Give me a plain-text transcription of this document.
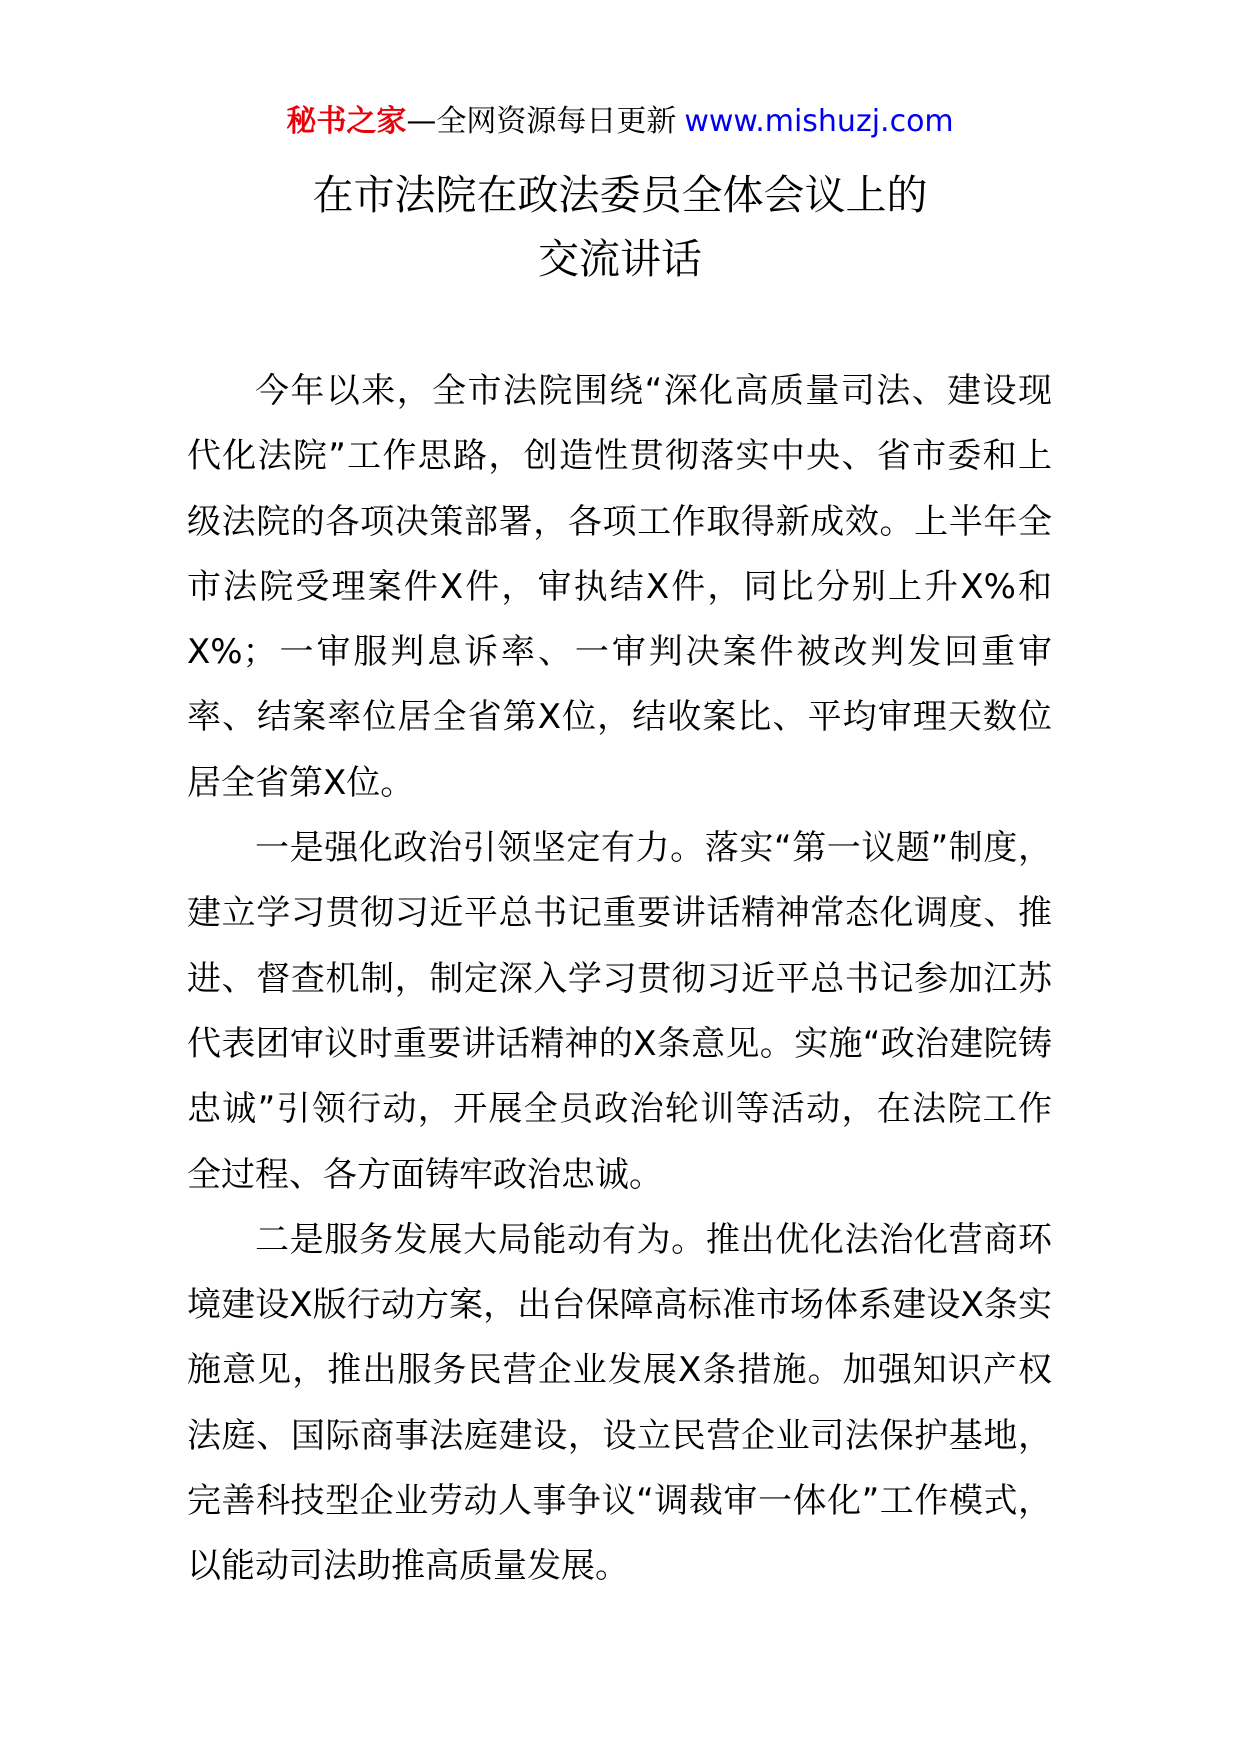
秘书之家—全网资源每日更新 www.mishuzj.com
在市法院在政法委员全体会议上的
交流讲话

今年以来，全市法院围绕“深化高质量司法、建设现代化法院”工作思路，创造性贯彻落实中央、省市委和上级法院的各项决策部署，各项工作取得新成效。上半年全市法院受理案件X件，审执结X件，同比分别上升X%和X%；一审服判息诉率、一审判决案件被改判发回重审率、结案率位居全省第X位，结收案比、平均审理天数位居全省第X位。

一是强化政治引领坚定有力。落实“第一议题”制度，建立学习贯彻习近平总书记重要讲话精神常态化调度、推进、督查机制，制定深入学习贯彻习近平总书记参加江苏代表团审议时重要讲话精神的X条意见。实施“政治建院铸忠诚”引领行动，开展全员政治轮训等活动，在法院工作全过程、各方面铸牢政治忠诚。

二是服务发展大局能动有为。推出优化法治化营商环境建设X版行动方案，出台保障高标准市场体系建设X条实施意见，推出服务民营企业发展X条措施。加强知识产权法庭、国际商事法庭建设，设立民营企业司法保护基地，完善科技型企业劳动人事争议“调裁审一体化”工作模式，以能动司法助推高质量发展。
